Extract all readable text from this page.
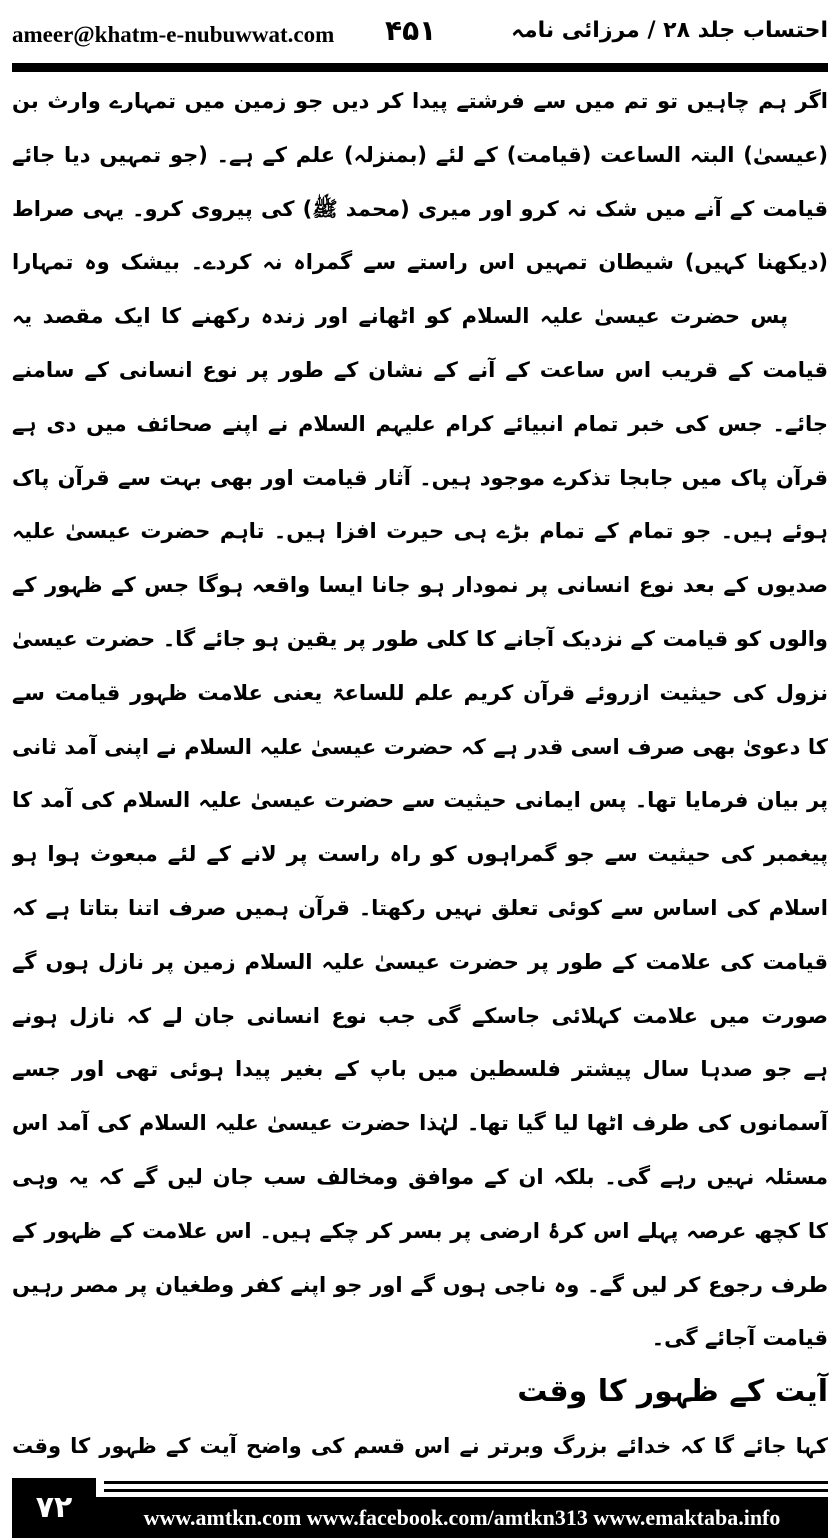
ameer@khatm-e-nubuwwat.com ۴۵۱	احتساب جلد ۲۸ / مرزائی نامہ
اگر ہم چاہیں تو تم میں سے فرشتے پیدا کر دیں جو زمین میں تمہارے وارث بن
(عیسیٰ) البتہ الساعت (قیامت) کے لئے (بمنزلہ) علم کے ہے۔ (جو تمہیں دیا جائے
قیامت کے آنے میں شک نہ کرو اور میری (محمد ﷺ) کی پیروی کرو۔ یہی صراط
(دیکھنا کہیں) شیطان تمہیں اس راستے سے گمراہ نہ کردے۔ بیشک وہ تمہارا
پس حضرت عیسیٰ علیہ السلام کو اٹھانے اور زندہ رکھنے کا ایک مقصد یہ
قیامت کے قریب اس ساعت کے آنے کے نشان کے طور پر نوع انسانی کے سامنے
جائے۔ جس کی خبر تمام انبیائے کرام علیہم السلام نے اپنے صحائف میں دی ہے
قرآن پاک میں جابجا تذکرے موجود ہیں۔ آثار قیامت اور بھی بہت سے قرآن پاک
ہوئے ہیں۔ جو تمام کے تمام بڑے ہی حیرت افزا ہیں۔ تاہم حضرت عیسیٰ علیہ
صدیوں کے بعد نوع انسانی پر نمودار ہو جانا ایسا واقعہ ہوگا جس کے ظہور کے
والوں کو قیامت کے نزدیک آجانے کا کلی طور پر یقین ہو جائے گا۔ حضرت عیسیٰ
نزول کی حیثیت ازروئے قرآن کریم علم للساعۃ یعنی علامت ظہور قیامت سے
کا دعویٰ بھی صرف اسی قدر ہے کہ حضرت عیسیٰ علیہ السلام نے اپنی آمد ثانی
پر بیان فرمایا تھا۔ پس ایمانی حیثیت سے حضرت عیسیٰ علیہ السلام کی آمد کا
پیغمبر کی حیثیت سے جو گمراہوں کو راہ راست پر لانے کے لئے مبعوث ہوا ہو
اسلام کی اساس سے کوئی تعلق نہیں رکھتا۔ قرآن ہمیں صرف اتنا بتاتا ہے کہ
قیامت کی علامت کے طور پر حضرت عیسیٰ علیہ السلام زمین پر نازل ہوں گے
صورت میں علامت کہلائی جاسکے گی جب نوع انسانی جان لے کہ نازل ہونے
ہے جو صدہا سال پیشتر فلسطین میں باپ کے بغیر پیدا ہوئی تھی اور جسے
آسمانوں کی طرف اٹھا لیا گیا تھا۔ لہٰذا حضرت عیسیٰ علیہ السلام کی آمد اس
مسئلہ نہیں رہے گی۔ بلکہ ان کے موافق ومخالف سب جان لیں گے کہ یہ وہی
کا کچھ عرصہ پہلے اس کرۂ ارضی پر بسر کر چکے ہیں۔ اس علامت کے ظہور کے
طرف رجوع کر لیں گے۔ وہ ناجی ہوں گے اور جو اپنے کفر وطغیان پر مصر رہیں
قیامت آجائے گی۔
آیت کے ظہور کا وقت
کہا جائے گا کہ خدائے بزرگ وبرتر نے اس قسم کی واضح آیت کے ظہور کا وقت
۷۲	www.amtkn.com www.facebook.com/amtkn313 www.emaktaba.info
